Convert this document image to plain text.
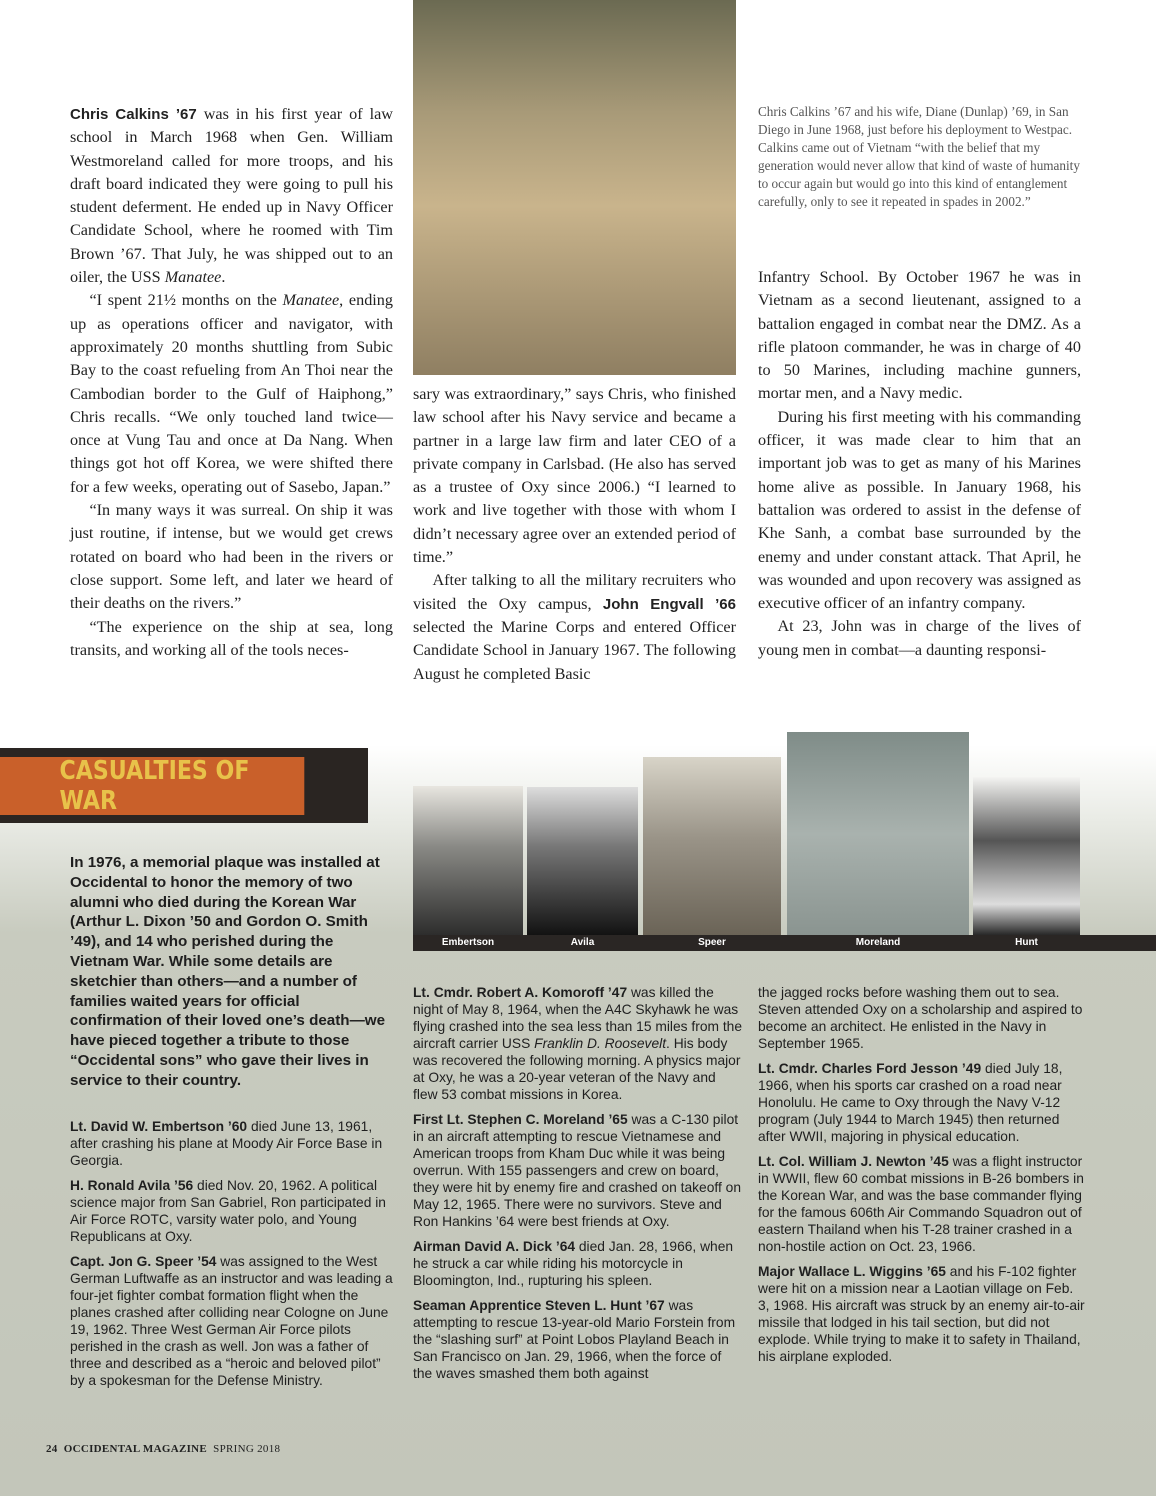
Chris Calkins ’67 was in his first year of law school in March 1968 when Gen. William Westmoreland called for more troops, and his draft board indicated they were going to pull his student deferment. He ended up in Navy Officer Candidate School, where he roomed with Tim Brown ’67. That July, he was shipped out to an oiler, the USS Manatee.

“I spent 21½ months on the Manatee, ending up as operations officer and navigator, with approximately 20 months shuttling from Subic Bay to the coast refueling from An Thoi near the Cambodian border to the Gulf of Haiphong,” Chris recalls. “We only touched land twice—once at Vung Tau and once at Da Nang. When things got hot off Korea, we were shifted there for a few weeks, operating out of Sasebo, Japan.”

“In many ways it was surreal. On ship it was just routine, if intense, but we would get crews rotated on board who had been in the rivers or close support. Some left, and later we heard of their deaths on the rivers.”

“The experience on the ship at sea, long transits, and working all of the tools neces-

sary was extraordinary,” says Chris, who finished law school after his Navy service and became a partner in a large law firm and later CEO of a private company in Carlsbad. (He also has served as a trustee of Oxy since 2006.) “I learned to work and live together with those with whom I didn’t necessary agree over an extended period of time.”

After talking to all the military recruiters who visited the Oxy campus, John Engvall ’66 selected the Marine Corps and entered Officer Candidate School in January 1967. The following August he completed Basic

Chris Calkins ’67 and his wife, Diane (Dunlap) ’69, in San Diego in June 1968, just before his deployment to Westpac. Calkins came out of Vietnam “with the belief that my generation would never allow that kind of waste of humanity to occur again but would go into this kind of entanglement carefully, only to see it repeated in spades in 2002.”

Infantry School. By October 1967 he was in Vietnam as a second lieutenant, assigned to a battalion engaged in combat near the DMZ. As a rifle platoon commander, he was in charge of 40 to 50 Marines, including machine gunners, mortar men, and a Navy medic.

During his first meeting with his commanding officer, it was made clear to him that an important job was to get as many of his Marines home alive as possible. In January 1968, his battalion was ordered to assist in the defense of Khe Sanh, a combat base surrounded by the enemy and under constant attack. That April, he was wounded and upon recovery was assigned as executive officer of an infantry company.

At 23, John was in charge of the lives of young men in combat—a daunting responsi-

CASUALTIES OF WAR
In 1976, a memorial plaque was installed at Occidental to honor the memory of two alumni who died during the Korean War (Arthur L. Dixon ’50 and Gordon O. Smith ’49), and 14 who perished during the Vietnam War. While some details are sketchier than others—and a number of families waited years for official confirmation of their loved one’s death—we have pieced together a tribute to those “Occidental sons” who gave their lives in service to their country.
Embertson	Avila	Speer	Moreland	Hunt

Lt. David W. Embertson ’60 died June 13, 1961, after crashing his plane at Moody Air Force Base in Georgia.

H. Ronald Avila ’56 died Nov. 20, 1962. A political science major from San Gabriel, Ron participated in Air Force ROTC, varsity water polo, and Young Republicans at Oxy.

Capt. Jon G. Speer ’54 was assigned to the West German Luftwaffe as an instructor and was leading a four-jet fighter combat formation flight when the planes crashed after colliding near Cologne on June 19, 1962. Three West German Air Force pilots perished in the crash as well. Jon was a father of three and described as a “heroic and beloved pilot” by a spokesman for the Defense Ministry.

Lt. Cmdr. Robert A. Komoroff ’47 was killed the night of May 8, 1964, when the A4C Skyhawk he was flying crashed into the sea less than 15 miles from the aircraft carrier USS Franklin D. Roosevelt. His body was recovered the following morning. A physics major at Oxy, he was a 20-year veteran of the Navy and flew 53 combat missions in Korea.

First Lt. Stephen C. Moreland ’65 was a C-130 pilot in an aircraft attempting to rescue Vietnamese and American troops from Kham Duc while it was being overrun. With 155 passengers and crew on board, they were hit by enemy fire and crashed on takeoff on May 12, 1965. There were no survivors. Steve and Ron Hankins ’64 were best friends at Oxy.

Airman David A. Dick ’64 died Jan. 28, 1966, when he struck a car while riding his motorcycle in Bloomington, Ind., rupturing his spleen.

Seaman Apprentice Steven L. Hunt ’67 was attempting to rescue 13-year-old Mario Forstein from the “slashing surf” at Point Lobos Playland Beach in San Francisco on Jan. 29, 1966, when the force of the waves smashed them both against

the jagged rocks before washing them out to sea. Steven attended Oxy on a scholarship and aspired to become an architect. He enlisted in the Navy in September 1965.

Lt. Cmdr. Charles Ford Jesson ’49 died July 18, 1966, when his sports car crashed on a road near Honolulu. He came to Oxy through the Navy V-12 program (July 1944 to March 1945) then returned after WWII, majoring in physical education.

Lt. Col. William J. Newton ’45 was a flight instructor in WWII, flew 60 combat missions in B-26 bombers in the Korean War, and was the base commander flying for the famous 606th Air Commando Squadron out of eastern Thailand when his T-28 trainer crashed in a non-hostile action on Oct. 23, 1966.

Major Wallace L. Wiggins ’65 and his F-102 fighter were hit on a mission near a Laotian village on Feb. 3, 1968. His aircraft was struck by an enemy air-to-air missile that lodged in his tail section, but did not explode. While trying to make it to safety in Thailand, his airplane exploded.

24 OCCIDENTAL MAGAZINE SPRING 2018
